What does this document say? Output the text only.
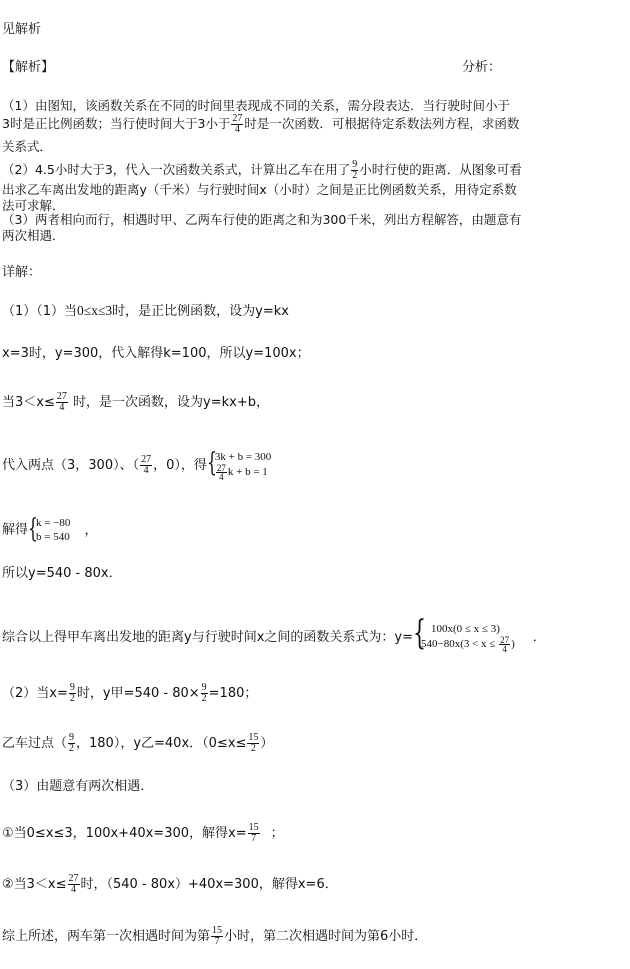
见解析
【解析】	分析：
（1）由图知，该函数关系在不同的时间里表现成不同的关系，需分段表达．当行驶时间小于
3时是正比例函数；当行使时间大于3小于 $\frac{27}{4}$ 时是一次函数．可根据待定系数法列方程，求函数
关系式．
（2）4.5小时大于3，代入一次函数关系式，计算出乙车在用了 $\frac{9}{2}$ 小时行使的距离．从图象可看
出求乙车离出发地的距离y（千米）与行驶时间x（小时）之间是正比例函数关系，用待定系数
法可求解．
（3）两者相向而行，相遇时甲、乙两车行使的距离之和为300千米，列出方程解答，由题意有
两次相遇．
详解：
（1）（1）当0≤x≤3时，是正比例函数，设为y=kx
x=3时，y=300，代入解得k=100，所以y=100x；
当$3<x\le \frac{27}{4}$ 时，是一次函数，设为y=kx+b，
代入两点（3，300）、（ $\frac{27}{4}$ ，0），得 {
3k + b = 300
$\frac{27}{4}$ k + b = 1
解得 {
k = −80
b = 540 ，
所以y=540 - 80x．
综合以上得甲车离出发地的距离y与行驶时间x之间的函数关系式为：y= { 100x(0 ≤ x ≤ 3)
$540-80x(3 < x \le \frac{27}{4}$ ) ．
（2）当$x= \frac{9}{2}$ 时，y甲$=540 - 80\times \frac{9}{2} =180$；
乙车过点（ $\frac{9}{2}$ ，180），y乙=40x．（$0\le x\le \frac{15}{2}$ ）
（3）由题意有两次相遇．
①当0≤x≤3，100x+40x=300，解得$x= \frac{15}{7}$ ；
②当$3<x\le \frac{27}{4}$ 时，（540 - 80x）+40x=300，解得x=6．
综上所述，两车第一次相遇时间为第 $\frac{15}{7}$ 小时，第二次相遇时间为第6小时．
